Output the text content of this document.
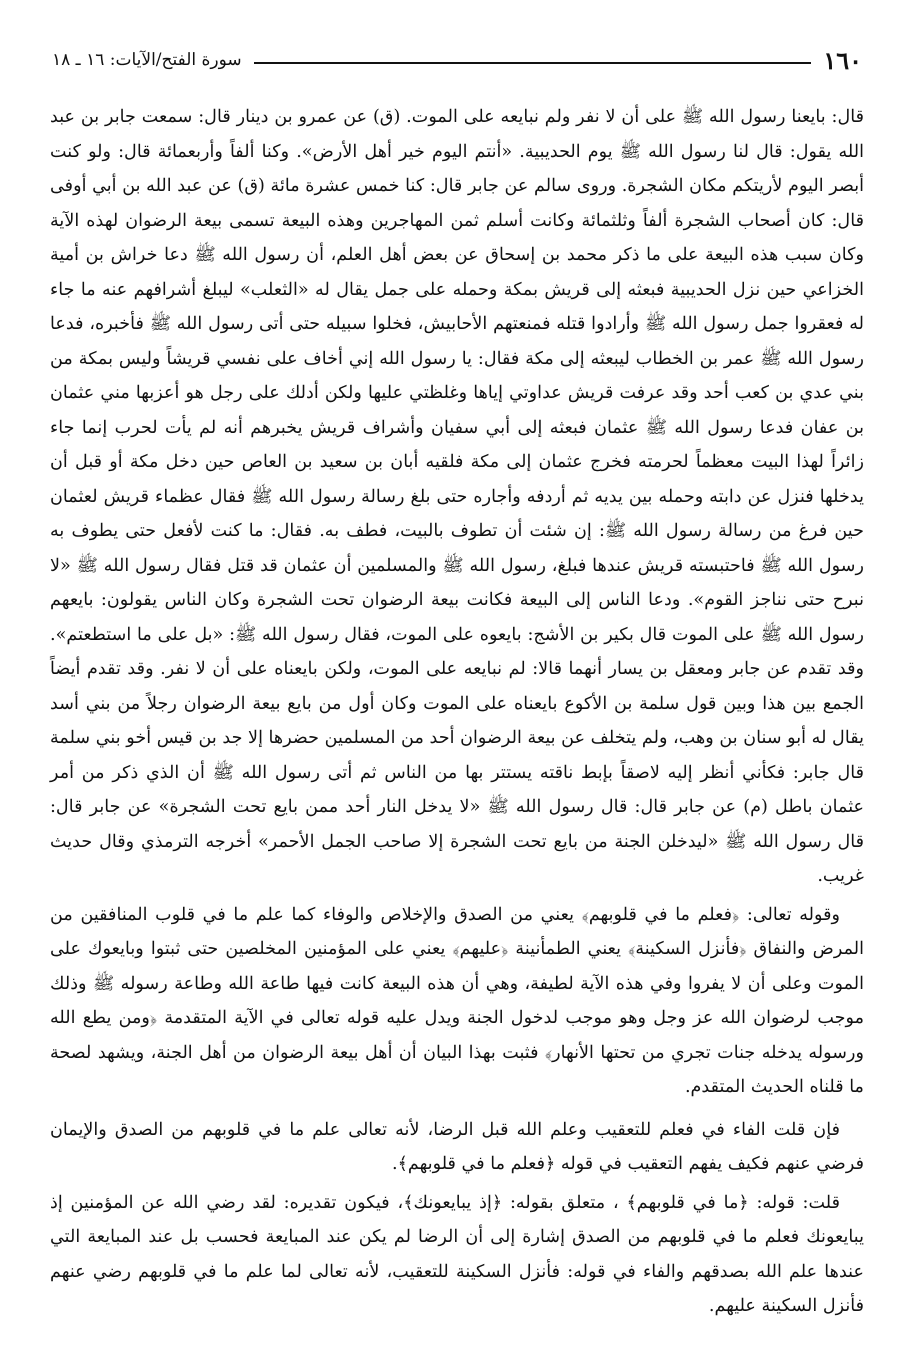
١٦٠
سورة الفتح/الآيات: ١٦ ـ ١٨

قال: بايعنا رسول الله ﷺ على أن لا نفر ولم نبايعه على الموت. (ق) عن عمرو بن دينار قال: سمعت جابر بن عبد الله يقول: قال لنا رسول الله ﷺ يوم الحديبية. «أنتم اليوم خير أهل الأرض». وكنا ألفاً وأربعمائة قال: ولو كنت أبصر اليوم لأريتكم مكان الشجرة. وروى سالم عن جابر قال: كنا خمس عشرة مائة (ق) عن عبد الله بن أبي أوفى قال: كان أصحاب الشجرة ألفاً وثلثمائة وكانت أسلم ثمن المهاجرين وهذه البيعة تسمى بيعة الرضوان لهذه الآية وكان سبب هذه البيعة على ما ذكر محمد بن إسحاق عن بعض أهل العلم، أن رسول الله ﷺ دعا خراش بن أمية الخزاعي حين نزل الحديبية فبعثه إلى قريش بمكة وحمله على جمل يقال له «الثعلب» ليبلغ أشرافهم عنه ما جاء له فعقروا جمل رسول الله ﷺ وأرادوا قتله فمنعتهم الأحابيش، فخلوا سبيله حتى أتى رسول الله ﷺ فأخبره، فدعا رسول الله ﷺ عمر بن الخطاب ليبعثه إلى مكة فقال: يا رسول الله إني أخاف على نفسي قريشاً وليس بمكة من بني عدي بن كعب أحد وقد عرفت قريش عداوتي إياها وغلظتي عليها ولكن أدلك على رجل هو أعزبها مني عثمان بن عفان فدعا رسول الله ﷺ عثمان فبعثه إلى أبي سفيان وأشراف قريش يخبرهم أنه لم يأت لحرب إنما جاء زائراً لهذا البيت معظماً لحرمته فخرج عثمان إلى مكة فلقيه أبان بن سعيد بن العاص حين دخل مكة أو قبل أن يدخلها فنزل عن دابته وحمله بين يديه ثم أردفه وأجاره حتى بلغ رسالة رسول الله ﷺ فقال عظماء قريش لعثمان حين فرغ من رسالة رسول الله ﷺ: إن شئت أن تطوف بالبيت، فطف به. فقال: ما كنت لأفعل حتى يطوف به رسول الله ﷺ فاحتبسته قريش عندها فبلغ، رسول الله ﷺ والمسلمين أن عثمان قد قتل فقال رسول الله ﷺ «لا نبرح حتى نناجز القوم». ودعا الناس إلى البيعة فكانت بيعة الرضوان تحت الشجرة وكان الناس يقولون: بايعهم رسول الله ﷺ على الموت قال بكير بن الأشج: بايعوه على الموت، فقال رسول الله ﷺ: «بل على ما استطعتم». وقد تقدم عن جابر ومعقل بن يسار أنهما قالا: لم نبايعه على الموت، ولكن بايعناه على أن لا نفر. وقد تقدم أيضاً الجمع بين هذا وبين قول سلمة بن الأكوع بايعناه على الموت وكان أول من بايع بيعة الرضوان رجلاً من بني أسد يقال له أبو سنان بن وهب، ولم يتخلف عن بيعة الرضوان أحد من المسلمين حضرها إلا جد بن قيس أخو بني سلمة قال جابر: فكأني أنظر إليه لاصقاً بإبط ناقته يستتر بها من الناس ثم أتى رسول الله ﷺ أن الذي ذكر من أمر عثمان باطل (م) عن جابر قال: قال رسول الله ﷺ «لا يدخل النار أحد ممن بايع تحت الشجرة» عن جابر قال: قال رسول الله ﷺ «ليدخلن الجنة من بايع تحت الشجرة إلا صاحب الجمل الأحمر» أخرجه الترمذي وقال حديث غريب.

وقوله تعالى: ﴿فعلم ما في قلوبهم﴾ يعني من الصدق والإخلاص والوفاء كما علم ما في قلوب المنافقين من المرض والنفاق ﴿فأنزل السكينة﴾ يعني الطمأنينة ﴿عليهم﴾ يعني على المؤمنين المخلصين حتى ثبتوا وبايعوك على الموت وعلى أن لا يفروا وفي هذه الآية لطيفة، وهي أن هذه البيعة كانت فيها طاعة الله وطاعة رسوله ﷺ وذلك موجب لرضوان الله عز وجل وهو موجب لدخول الجنة ويدل عليه قوله تعالى في الآية المتقدمة ﴿ومن يطع الله ورسوله يدخله جنات تجري من تحتها الأنهار﴾ فثبت بهذا البيان أن أهل بيعة الرضوان من أهل الجنة، ويشهد لصحة ما قلناه الحديث المتقدم.

فإن قلت الفاء في فعلم للتعقيب وعلم الله قبل الرضا، لأنه تعالى علم ما في قلوبهم من الصدق والإيمان فرضي عنهم فكيف يفهم التعقيب في قوله ﴿فعلم ما في قلوبهم﴾.

قلت: قوله: ﴿ما في قلوبهم﴾ ، متعلق بقوله: ﴿إذ يبايعونك﴾، فيكون تقديره: لقد رضي الله عن المؤمنين إذ يبايعونك فعلم ما في قلوبهم من الصدق إشارة إلى أن الرضا لم يكن عند المبايعة فحسب بل عند المبايعة التي عندها علم الله بصدقهم والفاء في قوله: فأنزل السكينة للتعقيب، لأنه تعالى لما علم ما في قلوبهم رضي عنهم فأنزل السكينة عليهم.
